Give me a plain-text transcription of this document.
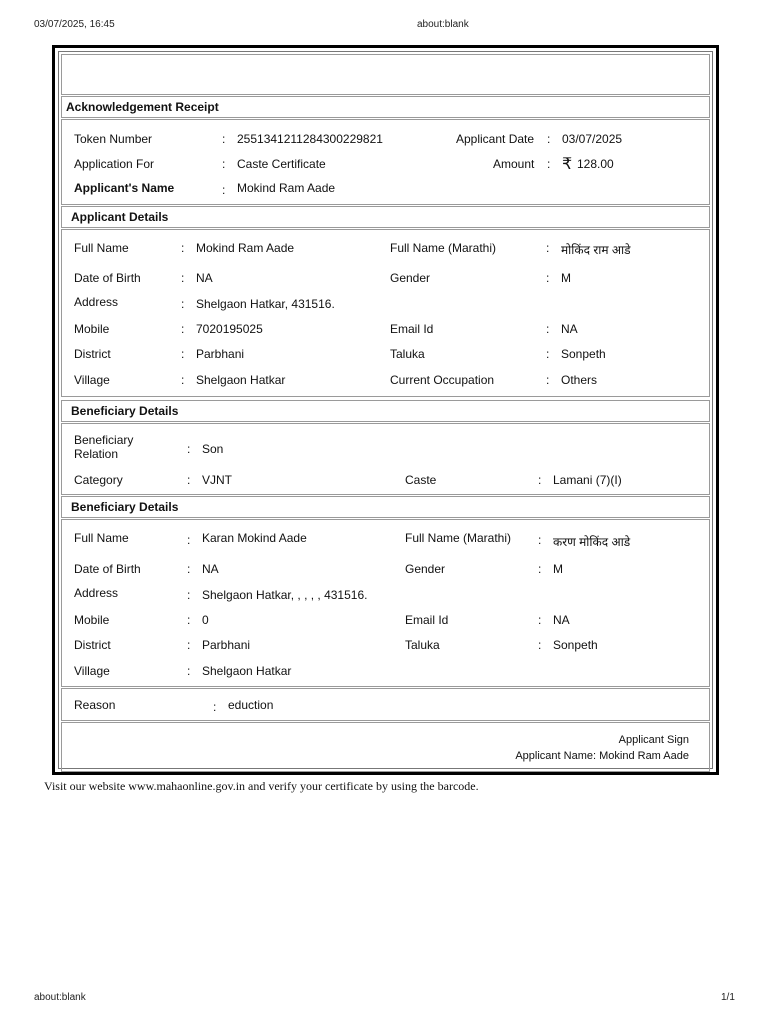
03/07/2025, 16:45	about:blank
about:blank	1/1
Acknowledgement Receipt
Token Number	: 2551341211284300229821	Applicant Date : 03/07/2025
Application For	: Caste Certificate	Amount : ₹ 128.00
Applicant's Name	: Mokind Ram Aade
Applicant Details
Full Name	: Mokind Ram Aade	Full Name (Marathi)	: मोकिंद राम आडे
Date of Birth	: NA	Gender	: M
Address	: Shelgaon Hatkar, 431516.
Mobile	: 7020195025	Email Id	: NA
District	: Parbhani	Taluka	: Sonpeth
Village	: Shelgaon Hatkar	Current Occupation	: Others
Beneficiary Details
Beneficiary
Relation	: Son
Category	: VJNT	Caste	: Lamani (7)(I)
Beneficiary Details
Full Name	: Karan Mokind Aade	Full Name (Marathi) : करण मोकिंद आडे
Date of Birth	: NA	Gender	: M
Address	: Shelgaon Hatkar, , , , , 431516.
Mobile	: 0	Email Id	: NA
District	: Parbhani	Taluka	: Sonpeth
Village	: Shelgaon Hatkar
Reason	: eduction
Applicant Sign
Applicant Name: Mokind Ram Aade
Visit our website www.mahaonline.gov.in and verify your certificate by using the barcode.
